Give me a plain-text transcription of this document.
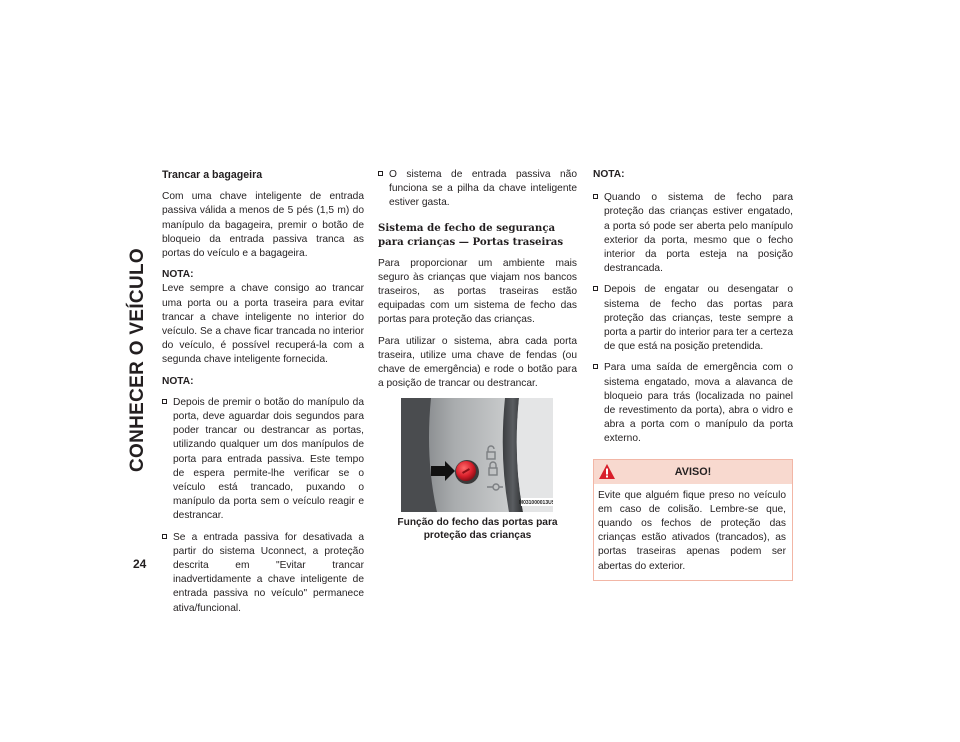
CONHECER O VEÍCULO
24
Trancar a bagageira

Com uma chave inteligente de entrada passiva válida a menos de 5 pés (1,5 m) do manípulo da bagageira, premir o botão de bloqueio da entrada passiva tranca as portas do veículo e a bagageira.

NOTA:

Leve sempre a chave consigo ao trancar uma porta ou a porta traseira para evitar trancar a chave inteligente no interior do veículo. Se a chave ficar trancada no interior do veículo, é possível recuperá-la com a segunda chave inteligente fornecida.

NOTA:
Depois de premir o botão do manípulo da porta, deve aguardar dois segundos para poder trancar ou destrancar as portas, utilizando qualquer um dos manípulos de porta para entrada passiva. Este tempo de espera permite-lhe verificar se o veículo está trancado, puxando o manípulo da porta sem o veículo reagir e destrancar.
Se a entrada passiva for desativada a partir do sistema Uconnect, a proteção descrita em "Evitar trancar inadvertidamente a chave inteligente de entrada passiva no veículo" permanece ativa/funcional.
O sistema de entrada passiva não funciona se a pilha da chave inteligente estiver gasta.
Sistema de fecho de segurança para crianças — Portas traseiras

Para proporcionar um ambiente mais seguro às crianças que viajam nos bancos traseiros, as portas traseiras estão equipadas com um sistema de fecho das portas para proteção das crianças.

Para utilizar o sistema, abra cada porta traseira, utilize uma chave de fendas (ou chave de emergência) e rode o botão para a posição de trancar ou destrancar.

M031000013US
Função do fecho das portas para proteção das crianças
NOTA:
Quando o sistema de fecho para proteção das crianças estiver engatado, a porta só pode ser aberta pelo manípulo exterior da porta, mesmo que o fecho interior da porta esteja na posição destrancada.
Depois de engatar ou desengatar o sistema de fecho das portas para proteção das crianças, teste sempre a porta a partir do interior para ter a certeza de que está na posição pretendida.
Para uma saída de emergência com o sistema engatado, mova a alavanca de bloqueio para trás (localizada no painel de revestimento da porta), abra o vidro e abra a porta com o manípulo da porta externo.
AVISO!
Evite que alguém fique preso no veículo em caso de colisão. Lembre-se que, quando os fechos de proteção das crianças estão ativados (trancados), as portas traseiras apenas podem ser abertas do exterior.
